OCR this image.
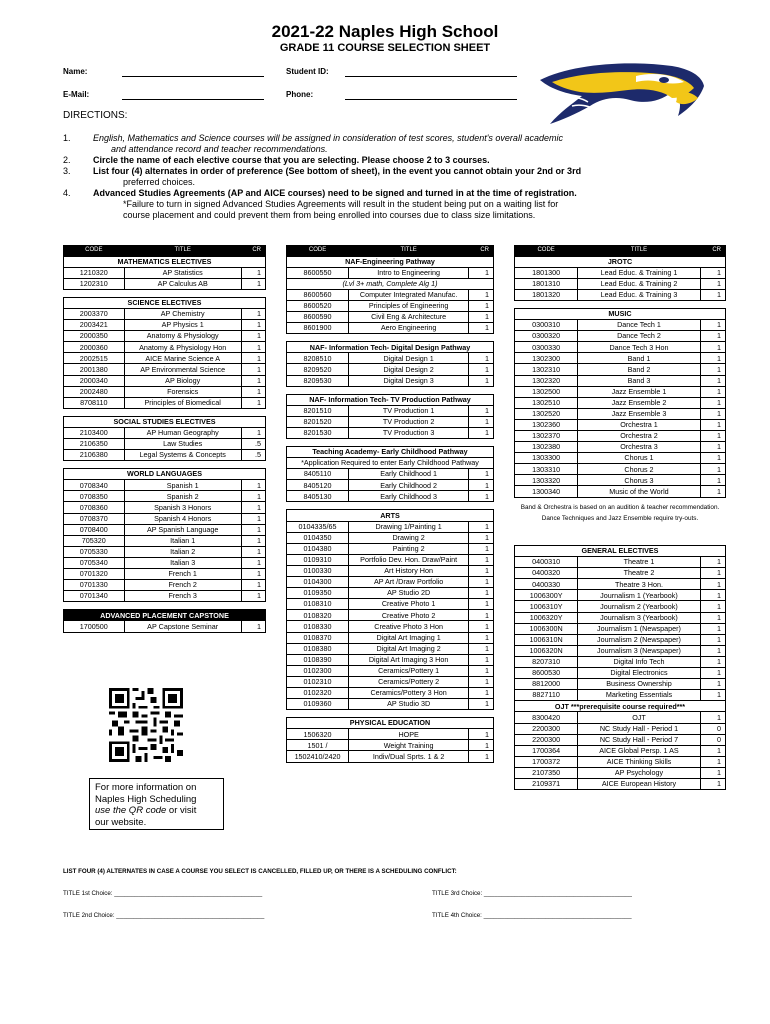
2021-22 Naples High School
GRADE 11 COURSE SELECTION SHEET
Name:
E-Mail:
Student ID:
Phone:
DIRECTIONS:
1. English, Mathematics and Science courses will be assigned in consideration of test scores, student's overall academic
and attendance record and teacher recommendations.
2. Circle the name of each elective course that you are selecting. Please choose 2 to 3 courses.
3. List four (4) alternates in order of preference (See bottom of sheet), in the event you cannot obtain your 2nd or 3rd
preferred choices.
4. Advanced Studies Agreements (AP and AICE courses) need to be signed and turned in at the time of registration.
*Failure to turn in signed Advanced Studies Agreements will result in the student being put on a waiting list for
course placement and could prevent them from being enrolled into courses due to class size limitations.
CODE	TITLE	CR
MATHEMATICS ELECTIVES		
1210320	AP Statistics	1
1202310	AP Calculus AB	1

SCIENCE ELECTIVES		
2003370	AP Chemistry	1
2003421	AP Physics 1	1
2000350	Anatomy & Physiology	1
2000360	Anatomy & Physiology Hon	1
2002515	AICE Marine Science A	1
2001380	AP Environmental Science	1
2000340	AP Biology	1
2002480	Forensics	1
8708110	Principles of Biomedical	1

SOCIAL STUDIES ELECTIVES		
2103400	AP Human Geography	1
2106350	Law Studies	.5
2106380	Legal Systems & Concepts	.5

WORLD LANGUAGES		
0708340	Spanish 1	1
0708350	Spanish 2	1
0708360	Spanish 3 Honors	1
0708370	Spanish 4 Honors	1
0708400	AP Spanish Language	1
705320	Italian 1	1
0705330	Italian 2	1
0705340	Italian 3	1
0701320	French 1	1
0701330	French 2	1
0701340	French 3	1

ADVANCED PLACEMENT CAPSTONE		
1700500	AP Capstone Seminar	1
CODE	TITLE	CR
NAF-Engineering Pathway		
8600550	Intro to Engineering	1
(Lvl 3+ math, Complete Alg 1)		
8600560	Computer Integrated Manufac.	1
8600520	Principles of Engineering	1
8600590	Civil Eng & Architecture	1
8601900	Aero Engineering	1

NAF- Information Tech- Digital Design Pathway		
8208510	Digital Design 1	1
8209520	Digital Design 2	1
8209530	Digital Design 3	1

NAF- Information Tech- TV Production Pathway		
8201510	TV Production 1	1
8201520	TV Production 2	1
8201530	TV Production 3	1

Teaching Academy- Early Childhood Pathway		
*Application Required to enter Early Childhood Pathway		
8405110	Early Childhood 1	1
8405120	Early Childhood 2	1
8405130	Early Childhood 3	1

ARTS		
0104335/65	Drawing 1/Painting 1	1
0104350	Drawing 2	1
0104380	Painting 2	1
0109310	Portfolio Dev. Hon. Draw/Paint	1
0100330	Art History Hon	1
0104300	AP Art /Draw Portfolio	1
0109350	AP Studio 2D	1
0108310	Creative Photo 1	1
0108320	Creative Photo 2	1
0108330	Creative Photo 3 Hon	1
0108370	Digital Art Imaging 1	1
0108380	Digital Art Imaging 2	1
0108390	Digital Art Imaging 3 Hon	1
0102300	Ceramics/Pottery 1	1
0102310	Ceramics/Pottery 2	1
0102320	Ceramics/Pottery 3 Hon	1
0109360	AP Studio 3D	1

PHYSICAL EDUCATION		
1506320	HOPE	1
1501 /	Weight Training	1
1502410/2420	Indiv/Dual Sprts. 1 & 2	1
CODE	TITLE	CR
JROTC		
1801300	Lead Educ. & Training 1	1
1801310	Lead Educ. & Training 2	1
1801320	Lead Educ. & Training 3	1

MUSIC		
0300310	Dance Tech 1	1
0300320	Dance Tech 2	1
0300330	Dance Tech 3 Hon	1
1302300	Band 1	1
1302310	Band 2	1
1302320	Band 3	1
1302500	Jazz Ensemble 1	1
1302510	Jazz Ensemble 2	1
1302520	Jazz Ensemble 3	1
1302360	Orchestra 1	1
1302370	Orchestra 2	1
1302380	Orchestra 3	1
1303300	Chorus 1	1
1303310	Chorus 2	1
1303320	Chorus 3	1
1300340	Music of the World	1
Band & Orchestra is based on an audition & teacher recommendation. Dance Techniques and Jazz Ensemble require try-outs.
GENERAL ELECTIVES		
0400310	Theatre 1	1
0400320	Theatre 2	1
0400330	Theatre 3 Hon.	1
1006300Y	Journalism 1 (Yearbook)	1
1006310Y	Journalism 2 (Yearbook)	1
1006320Y	Journalism 3 (Yearbook)	1
1006300N	Journalism 1 (Newspaper)	1
1006310N	Journalism 2 (Newspaper)	1
1006320N	Journalism 3 (Newspaper)	1
8207310	Digital Info Tech	1
8600530	Digital Electronics	1
8812000	Business Ownership	1
8827110	Marketing Essentials	1
OJT ***prerequisite course required***		
8300420	OJT	1
2200300	NC Study Hall - Period 1	0
2200300	NC Study Hall - Period 7	0
1700364	AICE Global Persp. 1 AS	1
1700372	AICE Thinking Skills	1
2107350	AP Psychology	1
2109371	AICE European History	1
For more information on
Naples High Scheduling
use the QR code or visit
our website.
LIST FOUR (4) ALTERNATES IN CASE A COURSE YOU SELECT IS CANCELLED, FILLED UP, OR THERE IS A SCHEDULING CONFLICT:
TITLE 1st Choice: ___________________________________________
TITLE 2nd Choice: ___________________________________________
TITLE 3rd Choice: ___________________________________________
TITLE 4th Choice: ___________________________________________
